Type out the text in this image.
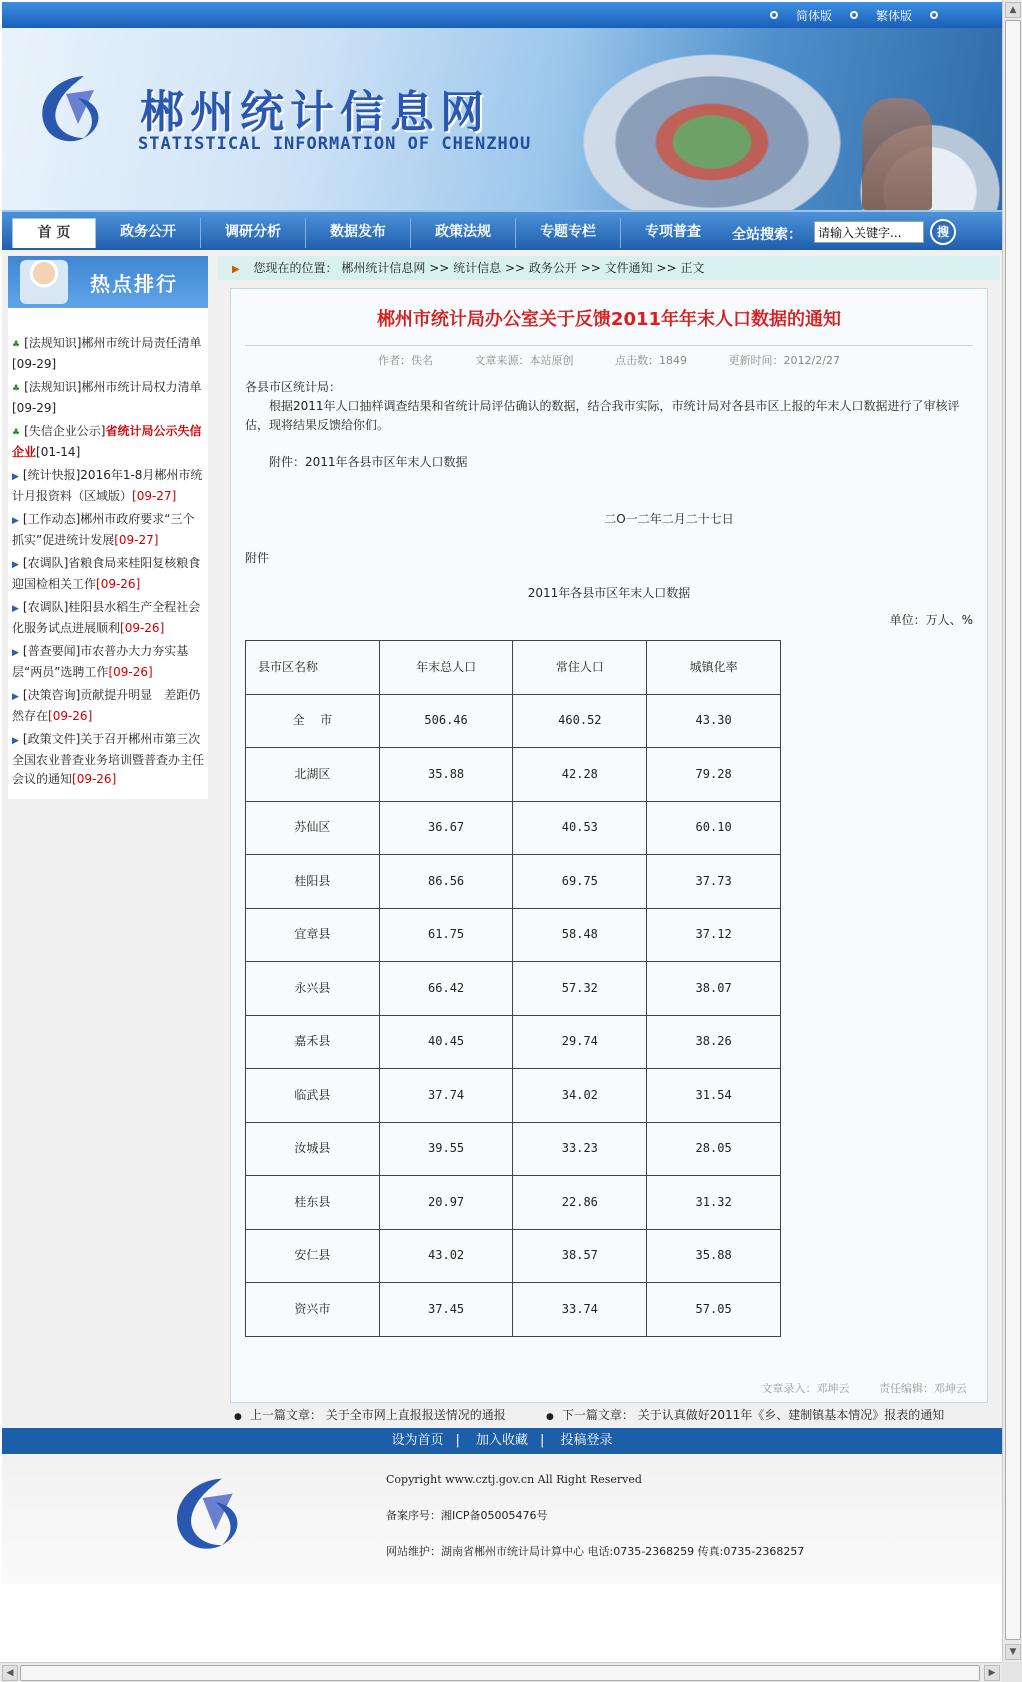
简体版	繁体版
郴州统计信息网
STATISTICAL INFORMATION OF CHENZHOU
首 页	政务公开	调研分析	数据发布	政策法规	专题专栏	专项普查	全站搜索：
请输入关键字...	搜
热点排行
♣ [法规知识]郴州市统计局责任清单
[09-29]
♣ [法规知识]郴州市统计局权力清单
[09-29]
♣ [失信企业公示]省统计局公示失信企业[01-14]
▶ [统计快报]2016年1-8月郴州市统计月报资料（区域版）[09-27]
▶ [工作动态]郴州市政府要求“三个抓实”促进统计发展[09-27]
▶ [农调队]省粮食局来桂阳复核粮食迎国检相关工作[09-26]
▶ [农调队]桂阳县水稻生产全程社会化服务试点进展顺利[09-26]
▶ [普查要闻]市农普办大力夯实基层“两员”选聘工作[09-26]
▶ [决策咨询]贡献提升明显　差距仍然存在[09-26]
▶ [政策文件]关于召开郴州市第三次全国农业普查业务培训暨普查办主任会议的通知[09-26]
▶ 您现在的位置： 郴州统计信息网 >> 统计信息 >> 政务公开 >> 文件通知 >> 正文
郴州市统计局办公室关于反馈2011年年末人口数据的通知
作者：佚名	文章来源：本站原创	点击数：1849	更新时间：2012/2/27
各县市区统计局：
根据2011年人口抽样调查结果和省统计局评估确认的数据，结合我市实际，市统计局对各县市区上报的年末人口数据进行了审核评估，现将结果反馈给你们。
附件：2011年各县市区年末人口数据
二O一二年二月二十七日
附件
2011年各县市区年末人口数据
单位：万人、%
县市区名称	年末总人口	常住人口	城镇化率
全　 市	506.46	460.52	43.30
北湖区	35.88	42.28	79.28
苏仙区	36.67	40.53	60.10
桂阳县	86.56	69.75	37.73
宜章县	61.75	58.48	37.12
永兴县	66.42	57.32	38.07
嘉禾县	40.45	29.74	38.26
临武县	37.74	34.02	31.54
汝城县	39.55	33.23	28.05
桂东县	20.97	22.86	31.32
安仁县	43.02	38.57	35.88
资兴市	37.45	33.74	57.05
文章录入：邓坤云	责任编辑：邓坤云
● 上一篇文章： 关于全市网上直报报送情况的通报	● 下一篇文章： 关于认真做好2011年《乡、建制镇基本情况》报表的通知
设为首页 | 加入收藏 | 投稿登录
Copyright www.cztj.gov.cn All Right Reserved
备案序号：湘ICP备05005476号
网站维护：湖南省郴州市统计局计算中心 电话:0735-2368259 传真:0735-2368257
▲
▼
◀	▶
